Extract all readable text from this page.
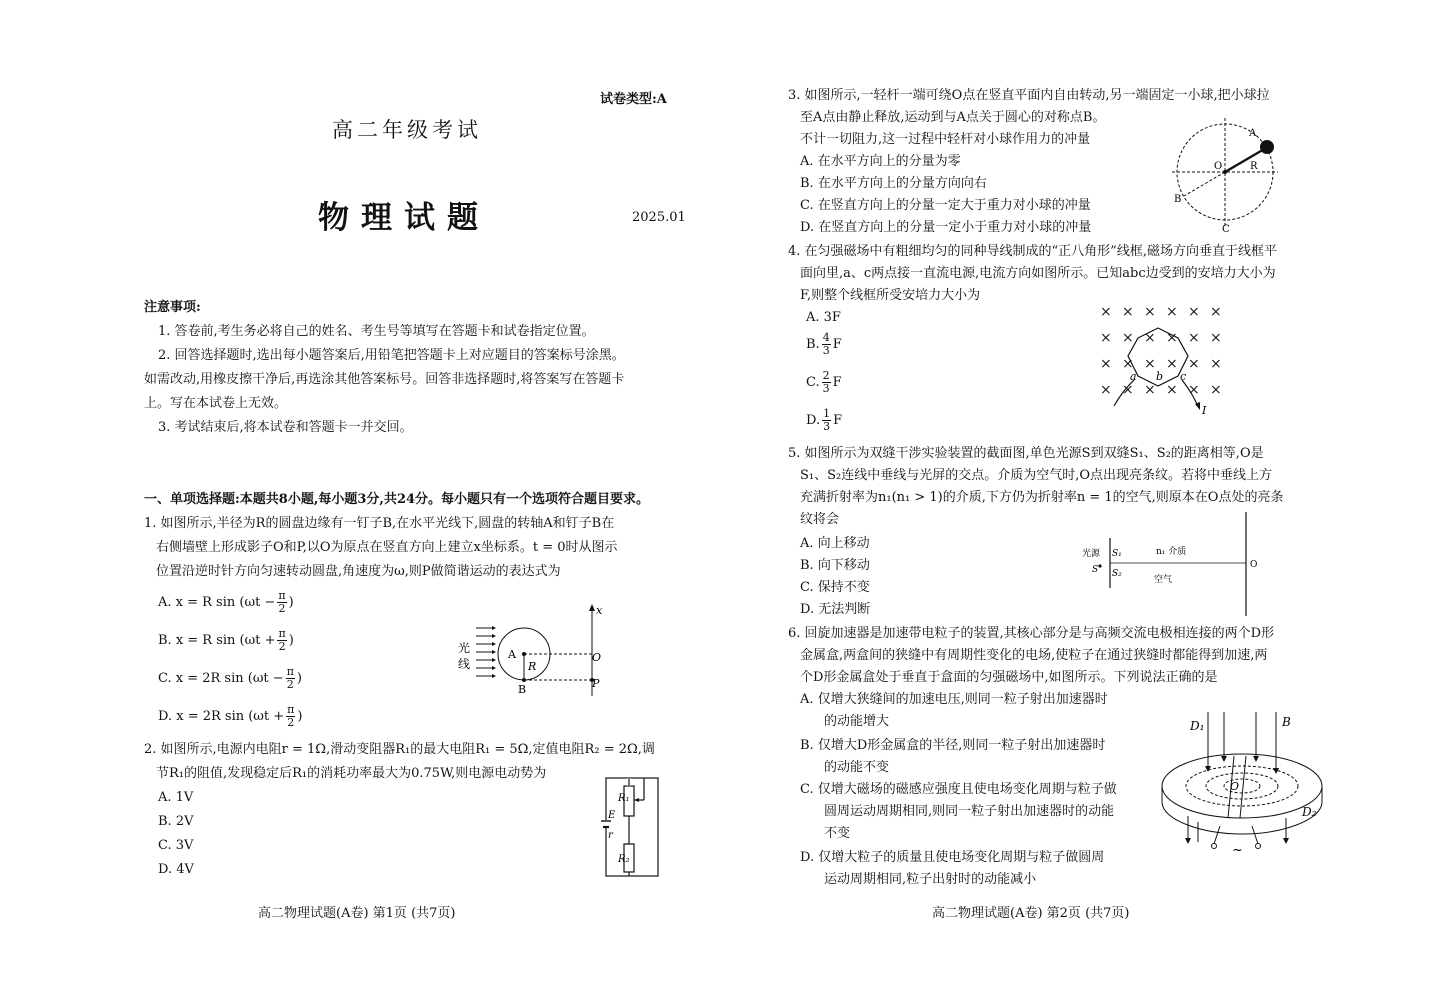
试卷类型:A
高二年级考试
物理试题	2025.01
注意事项:
1. 答卷前,考生务必将自己的姓名、考生号等填写在答题卡和试卷指定位置。
2. 回答选择题时,选出每小题答案后,用铅笔把答题卡上对应题目的答案标号涂黑。
如需改动,用橡皮擦干净后,再选涂其他答案标号。回答非选择题时,将答案写在答题卡
上。写在本试卷上无效。
3. 考试结束后,将本试卷和答题卡一并交回。
一、单项选择题:本题共8小题,每小题3分,共24分。每小题只有一个选项符合题目要求。
1. 如图所示,半径为R的圆盘边缘有一钉子B,在水平光线下,圆盘的转轴A和钉子B在
右侧墙壁上形成影子O和P,以O为原点在竖直方向上建立x坐标系。t = 0时从图示
位置沿逆时针方向匀速转动圆盘,角速度为ω,则P做简谐运动的表达式为
A. x = R $\sin (\omega t - \frac{\pi}{2}$ )
B. x = R $\sin (\omega t + \frac{\pi}{2}$ )
C. x = 2R $\sin (\omega t - \frac{\pi}{2}$ )
D. x = 2R $\sin (\omega t + \frac{\pi}{2}$ )
光
线
A
R
B
x
O
P
2. 如图所示,电源内电阻r = 1Ω,滑动变阻器R₁的最大电阻R₁ = 5Ω,定值电阻R₂ = 2Ω,调
节R₁的阻值,发现稳定后R₁的消耗功率最大为0.75W,则电源电动势为
A. 1V
B. 2V
C. 3V
D. 4V
R₁
E
r
R₂
高二物理试题(A卷) 第1页 (共7页)
3. 如图所示,一轻杆一端可绕O点在竖直平面内自由转动,另一端固定一小球,把小球拉
至A点由静止释放,运动到与A点关于圆心的对称点B。
不计一切阻力,这一过程中轻杆对小球作用力的冲量
A. 在水平方向上的分量为零
B. 在水平方向上的分量方向向右
C. 在竖直方向上的分量一定大于重力对小球的冲量
D. 在竖直方向上的分量一定小于重力对小球的冲量
A
O	R
B
C
4. 在匀强磁场中有粗细均匀的同种导线制成的“正八角形”线框,磁场方向垂直于线框平
面向里,a、c两点接一直流电源,电流方向如图所示。已知abc边受到的安培力大小为
F,则整个线框所受安培力大小为
A. 3F
B. $\frac{4}{3}$ F
C. $\frac{2}{3}$ F
D. $\frac{1}{3}$ F
× × × × × ×
× × × × × ×
× × × × × ×
× × × × × ×
a b c
I
5. 如图所示为双缝干涉实验装置的截面图,单色光源S到双缝S₁、S₂的距离相等,O是
S₁、S₂连线中垂线与光屏的交点。介质为空气时,O点出现亮条纹。若将中垂线上方
充满折射率为n₁(n₁ > 1)的介质,下方仍为折射率n = 1的空气,则原本在O点处的亮条
纹将会
A. 向上移动
B. 向下移动
C. 保持不变
D. 无法判断
光源
S
S₁
S₂
n₁ 介质
空气
O
6. 回旋加速器是加速带电粒子的装置,其核心部分是与高频交流电极相连接的两个D形
金属盒,两盒间的狭缝中有周期性变化的电场,使粒子在通过狭缝时都能得到加速,两
个D形金属盒处于垂直于盒面的匀强磁场中,如图所示。下列说法正确的是
A. 仅增大狭缝间的加速电压,则同一粒子射出加速器时
的动能增大
B. 仅增大D形金属盒的半径,则同一粒子射出加速器时
的动能不变
C. 仅增大磁场的磁感应强度且使电场变化周期与粒子做
圆周运动周期相同,则同一粒子射出加速器时的动能
不变
D. 仅增大粒子的质量且使电场变化周期与粒子做圆周
运动周期相同,粒子出射时的动能减小
D₁	B
O
D₂
~
高二物理试题(A卷) 第2页 (共7页)
